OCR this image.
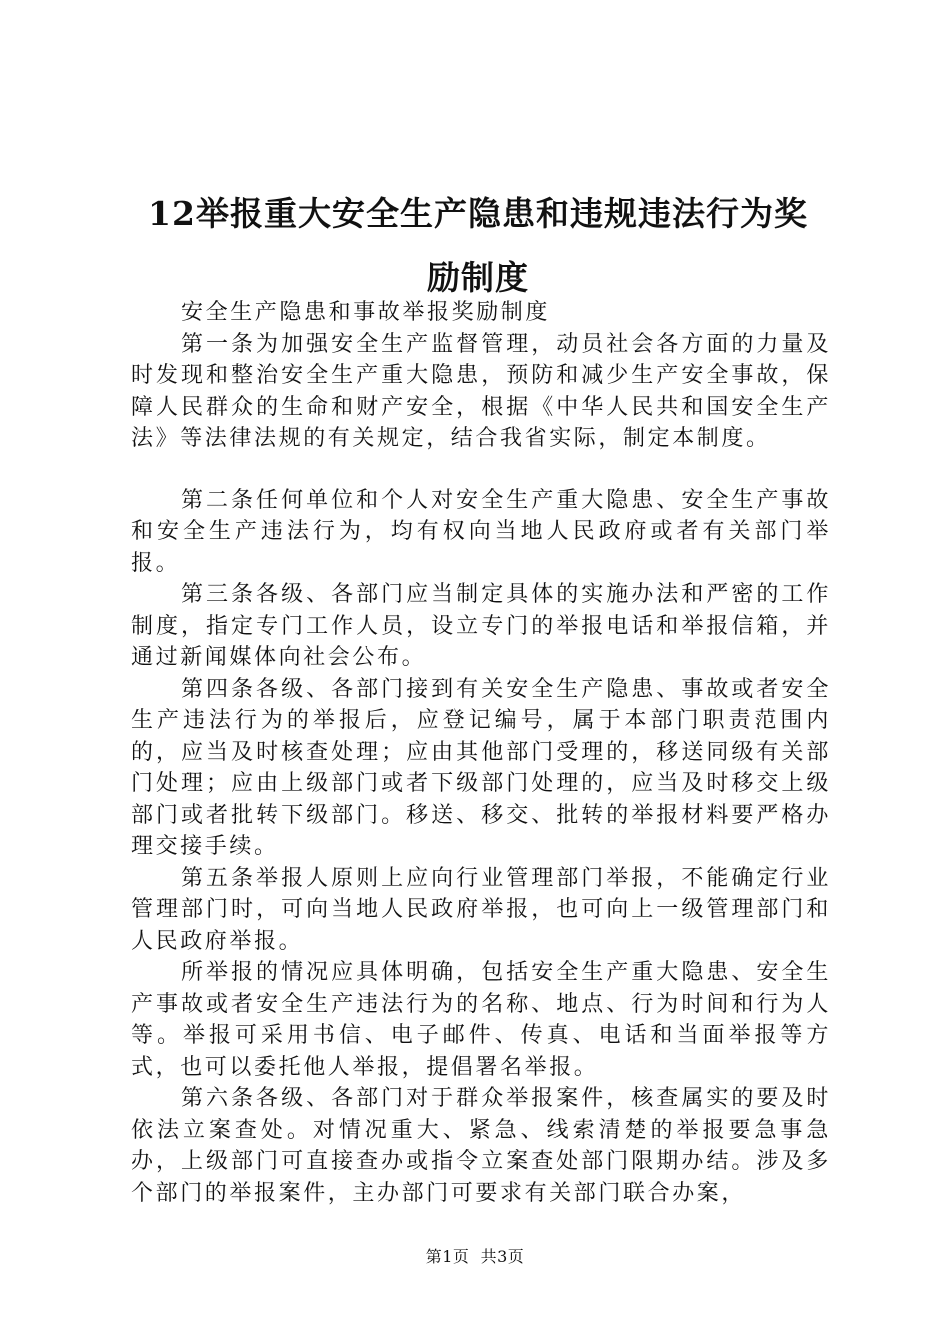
12举报重大安全生产隐患和违规违法行为奖
励制度

安全生产隐患和事故举报奖励制度

第一条为加强安全生产监督管理，动员社会各方面的力量及时发现和整治安全生产重大隐患，预防和减少生产安全事故，保障人民群众的生命和财产安全，根据《中华人民共和国安全生产法》等法律法规的有关规定，结合我省实际，制定本制度。

第二条任何单位和个人对安全生产重大隐患、安全生产事故和安全生产违法行为，均有权向当地人民政府或者有关部门举报。

第三条各级、各部门应当制定具体的实施办法和严密的工作制度，指定专门工作人员，设立专门的举报电话和举报信箱，并通过新闻媒体向社会公布。

第四条各级、各部门接到有关安全生产隐患、事故或者安全生产违法行为的举报后，应登记编号，属于本部门职责范围内的，应当及时核查处理；应由其他部门受理的，移送同级有关部门处理；应由上级部门或者下级部门处理的，应当及时移交上级部门或者批转下级部门。移送、移交、批转的举报材料要严格办理交接手续。

第五条举报人原则上应向行业管理部门举报，不能确定行业管理部门时，可向当地人民政府举报，也可向上一级管理部门和人民政府举报。

所举报的情况应具体明确，包括安全生产重大隐患、安全生产事故或者安全生产违法行为的名称、地点、行为时间和行为人等。举报可采用书信、电子邮件、传真、电话和当面举报等方式，也可以委托他人举报，提倡署名举报。

第六条各级、各部门对于群众举报案件，核查属实的要及时依法立案查处。对情况重大、紧急、线索清楚的举报要急事急办，上级部门可直接查办或指令立案查处部门限期办结。涉及多个部门的举报案件，主办部门可要求有关部门联合办案，

第1页  共3页
